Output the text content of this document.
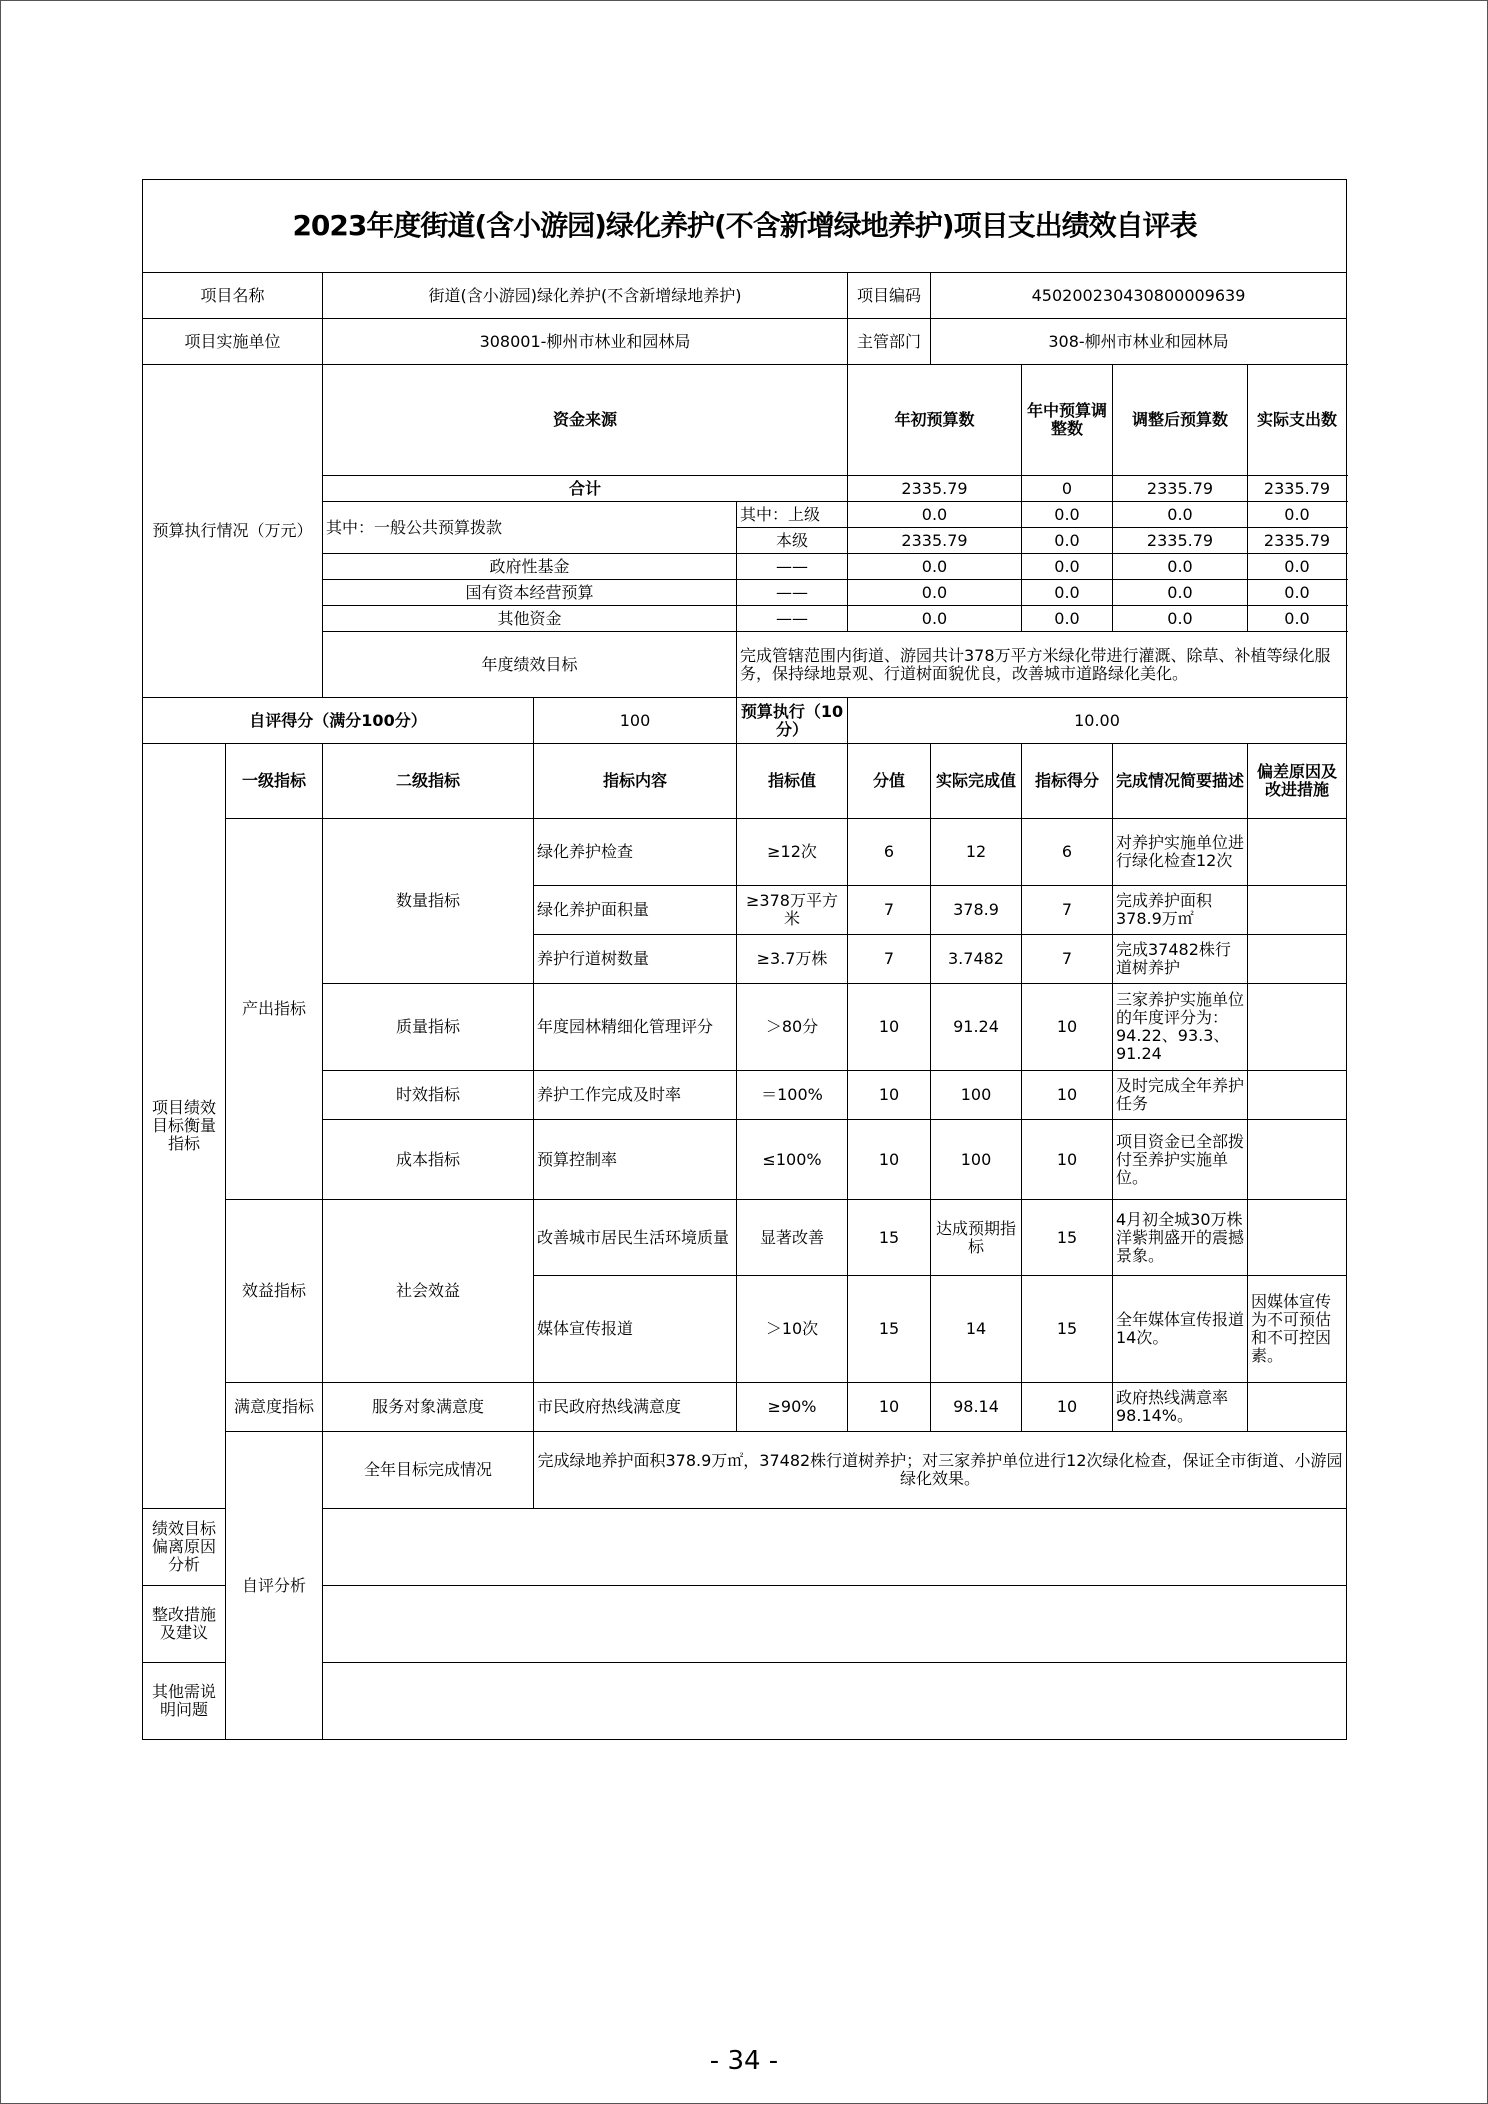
2023年度街道(含小游园)绿化养护(不含新增绿地养护)项目支出绩效自评表										
项目名称		街道(含小游园)绿化养护(不含新增绿地养护)			项目编码	450200230430800009639				
项目实施单位		308001-柳州市林业和园林局			主管部门	308-柳州市林业和园林局				
预算执行情况（万元）		资金来源			年初预算数		年中预算调整数	调整后预算数	实际支出数	
		合计			2335.79		0	2335.79	2335.79	
		其中：一般公共预算拨款		其中：上级	0.0		0.0	0.0	0.0	
				本级	2335.79		0.0	2335.79	2335.79	
		政府性基金		——	0.0		0.0	0.0	0.0	
		国有资本经营预算		——	0.0		0.0	0.0	0.0	
		其他资金		——	0.0		0.0	0.0	0.0	
		年度绩效目标		完成管辖范围内街道、游园共计378万平方米绿化带进行灌溉、除草、补植等绿化服务，保持绿地景观、行道树面貌优良，改善城市道路绿化美化。						
自评得分（满分100分）			100	预算执行（10分）	10.00					
项目绩效目标衡量指标	一级指标	二级指标	指标内容	指标值	分值	实际完成值	指标得分	完成情况简要描述	偏差原因及改进措施	
	产出指标	数量指标	绿化养护检查	≥12次	6	12	6	对养护实施单位进行绿化检查12次		
			绿化养护面积量	≥378万平方米	7	378.9	7	完成养护面积378.9万㎡		
			养护行道树数量	≥3.7万株	7	3.7482	7	完成37482株行道树养护		
		质量指标	年度园林精细化管理评分	＞80分	10	91.24	10	三家养护实施单位的年度评分为：94.22、93.3、91.24		
		时效指标	养护工作完成及时率	＝100%	10	100	10	及时完成全年养护任务		
		成本指标	预算控制率	≤100%	10	100	10	项目资金已全部拨付至养护实施单位。		
	效益指标	社会效益	改善城市居民生活环境质量	显著改善	15	达成预期指标	15	4月初全城30万株洋紫荆盛开的震撼景象。		
			媒体宣传报道	＞10次	15	14	15	全年媒体宣传报道14次。	因媒体宣传为不可预估和不可控因素。	
	满意度指标	服务对象满意度	市民政府热线满意度	≥90%	10	98.14	10	政府热线满意率98.14%。		
	自评分析	全年目标完成情况	完成绿地养护面积378.9万㎡，37482株行道树养护；对三家养护单位进行12次绿化检查，保证全市街道、小游园绿化效果。							
绩效目标偏离原因分析										
整改措施及建议										
其他需说明问题										
- 34 -
